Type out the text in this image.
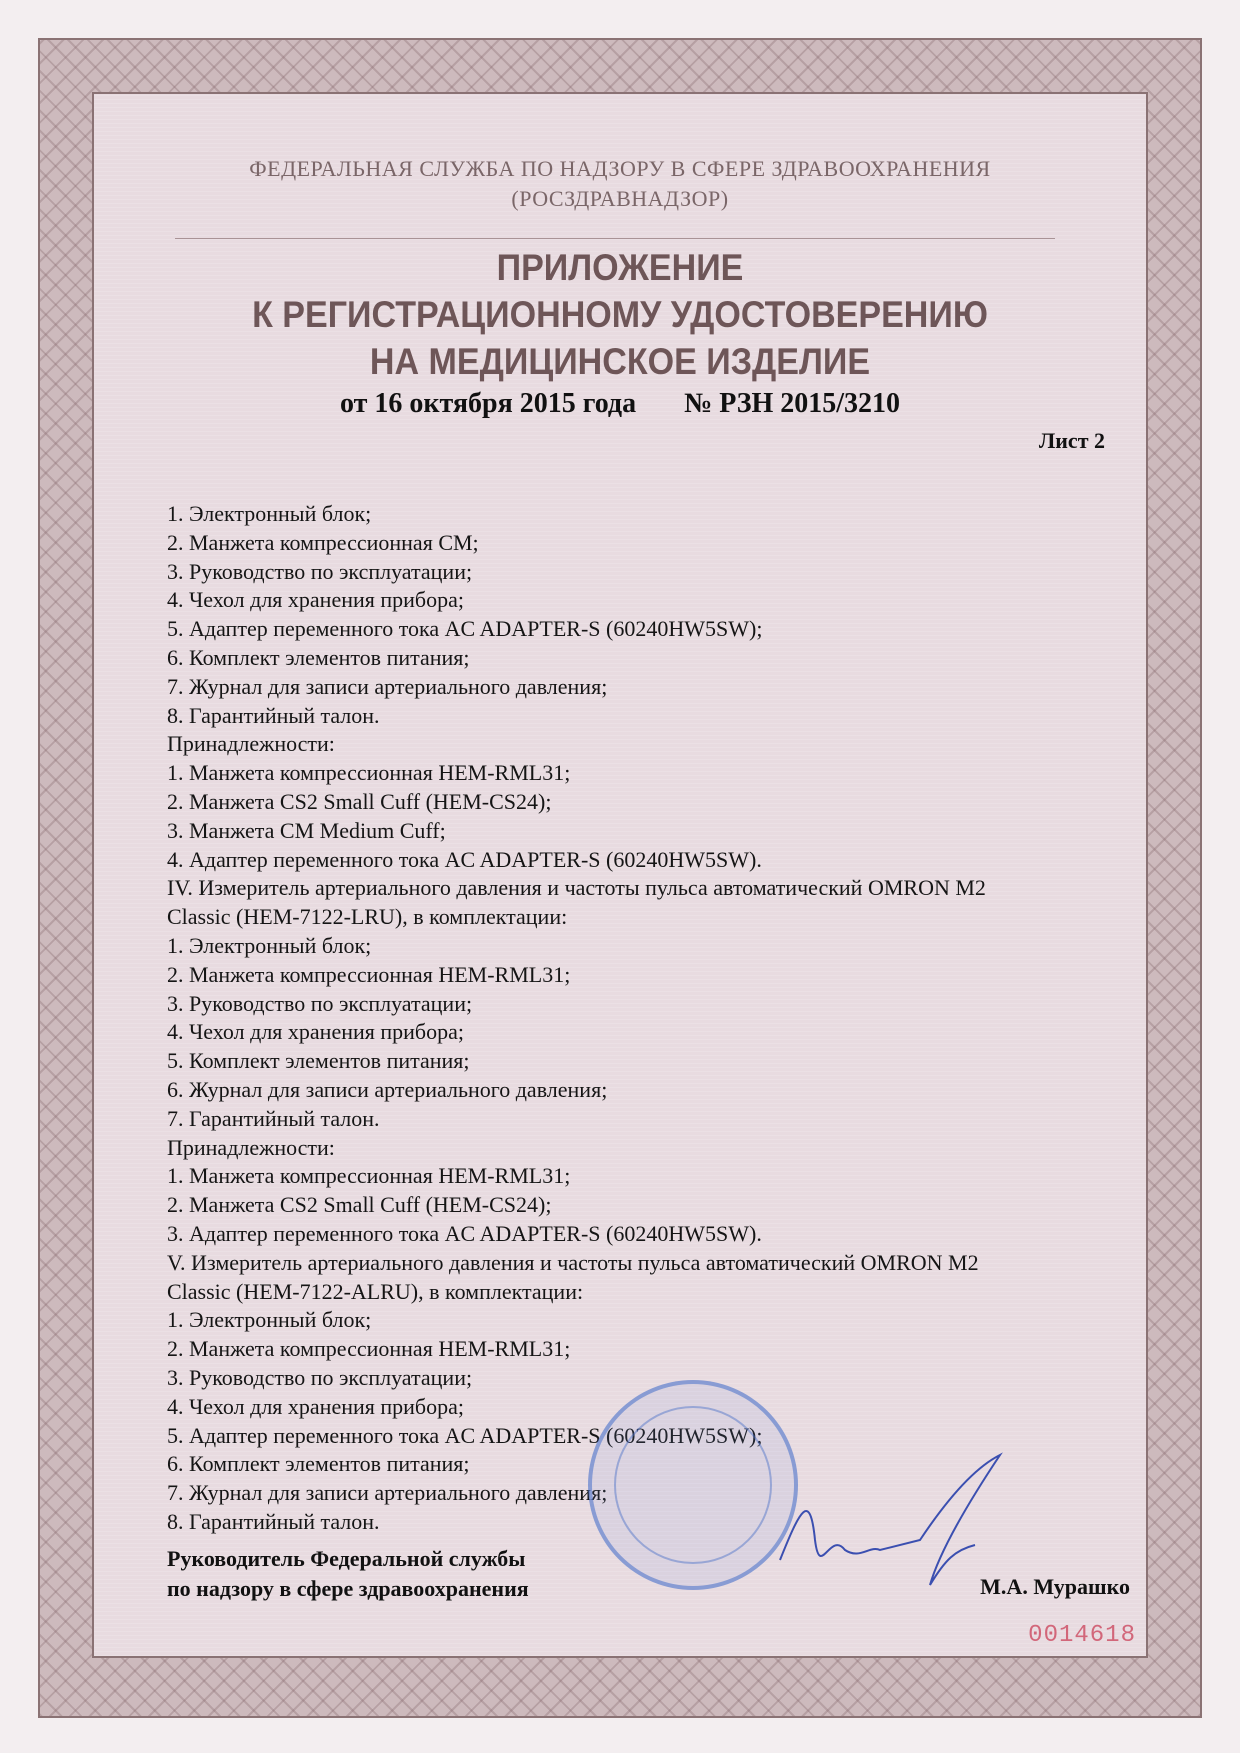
ФЕДЕРАЛЬНАЯ СЛУЖБА ПО НАДЗОРУ В СФЕРЕ ЗДРАВООХРАНЕНИЯ
(РОСЗДРАВНАДЗОР)
ПРИЛОЖЕНИЕ
К РЕГИСТРАЦИОННОМУ УДОСТОВЕРЕНИЮ
НА МЕДИЦИНСКОЕ ИЗДЕЛИЕ
от 16 октября 2015 года № РЗН 2015/3210
Лист 2
1. Электронный блок;
2. Манжета компрессионная CM;
3. Руководство по эксплуатации;
4. Чехол для хранения прибора;
5. Адаптер переменного тока AC ADAPTER-S (60240HW5SW);
6. Комплект элементов питания;
7. Журнал для записи артериального давления;
8. Гарантийный талон.
Принадлежности:
1. Манжета компрессионная HEM-RML31;
2. Манжета CS2 Small Cuff (HEM-CS24);
3. Манжета CM Medium Cuff;
4. Адаптер переменного тока AC ADAPTER-S (60240HW5SW).
IV. Измеритель артериального давления и частоты пульса автоматический OMRON M2
Classic (HEM-7122-LRU), в комплектации:
1. Электронный блок;
2. Манжета компрессионная HEM-RML31;
3. Руководство по эксплуатации;
4. Чехол для хранения прибора;
5. Комплект элементов питания;
6. Журнал для записи артериального давления;
7. Гарантийный талон.
Принадлежности:
1. Манжета компрессионная HEM-RML31;
2. Манжета CS2 Small Cuff (HEM-CS24);
3. Адаптер переменного тока AC ADAPTER-S (60240HW5SW).
V. Измеритель артериального давления и частоты пульса автоматический OMRON M2
Classic (HEM-7122-ALRU), в комплектации:
1. Электронный блок;
2. Манжета компрессионная HEM-RML31;
3. Руководство по эксплуатации;
4. Чехол для хранения прибора;
5. Адаптер переменного тока AC ADAPTER-S (60240HW5SW);
6. Комплект элементов питания;
7. Журнал для записи артериального давления;
8. Гарантийный талон.
Руководитель Федеральной службы
по надзору в сфере здравоохранения	М.А. Мурашко
0014618
